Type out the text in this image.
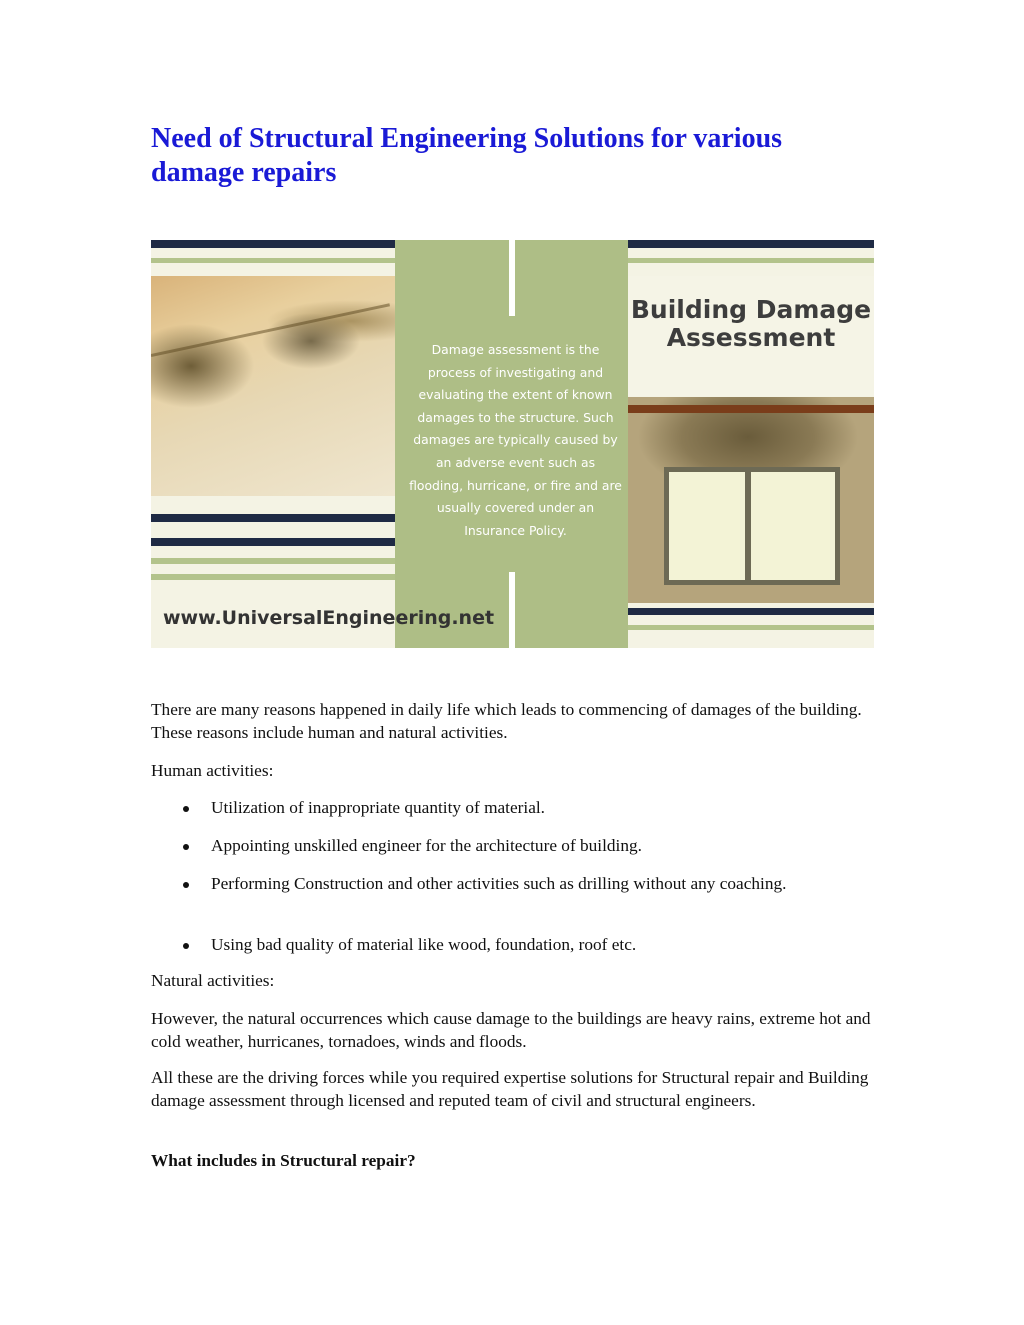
Need of Structural Engineering Solutions for various damage repairs

Damage assessment is the process of investigating and evaluating the extent of known damages to the structure. Such damages are typically caused by an adverse event such as flooding, hurricane, or fire and are usually covered under an Insurance Policy.

Building Damage Assessment

www.UniversalEngineering.net

There are many reasons happened in daily life which leads to commencing of damages of the building. These reasons include human and natural activities.

Human activities:

Utilization of inappropriate quantity of material.

Appointing unskilled engineer for the architecture of building.

Performing Construction and other activities such as drilling without any coaching.

Using bad quality of material like wood, foundation, roof etc.

Natural activities:

However, the natural occurrences which cause damage to the buildings are heavy rains, extreme hot and cold weather, hurricanes, tornadoes, winds and floods.

All these are the driving forces while you required expertise solutions for Structural repair and Building damage assessment through licensed and reputed team of civil and structural engineers.

What includes in Structural repair?
